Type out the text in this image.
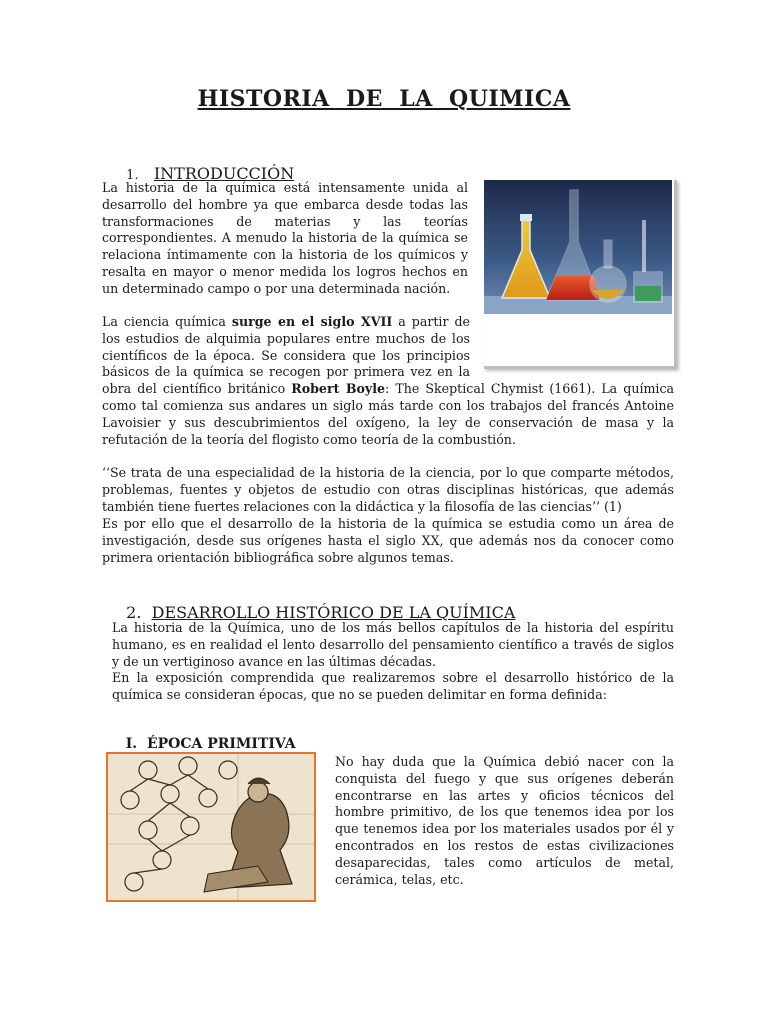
HISTORIA  DE  LA  QUIMICA

1. INTRODUCCIÓN

La historia de la química está intensamente unida al desarrollo del hombre ya que embarca desde todas las transformaciones de materias y las teorías correspondientes. A menudo la historia de la química se relaciona íntimamente con la historia de los químicos y resalta en mayor o menor medida los logros hechos en un determinado campo o por una determinada nación.
La ciencia química surge en el siglo XVII a partir de los estudios de alquimia populares entre muchos de los científicos de la época. Se considera que los principios básicos de la química se recogen por primera vez en la obra del científico británico Robert Boyle: The Skeptical Chymist (1661). La química como tal comienza sus andares un siglo más tarde con los trabajos del francés Antoine Lavoisier y sus descubrimientos del oxígeno, la ley de conservación de masa y la refutación de la teoría del flogisto como teoría de la combustión.
‘‘Se trata de una especialidad de la historia de la ciencia, por lo que comparte métodos, problemas, fuentes y objetos de estudio con otras disciplinas históricas, que además también tiene fuertes relaciones con la didáctica y la filosofía de las ciencias’’ (1)
Es por ello que el desarrollo de la historia de la química se estudia como un área de investigación, desde sus orígenes hasta el siglo XX, que además nos da conocer como primera orientación bibliográfica sobre algunos temas.

2. DESARROLLO HISTÓRICO DE LA QUÍMICA

La historia de la Química, uno de los más bellos capítulos de la historia del espíritu humano, es en realidad el lento desarrollo del pensamiento científico a través de siglos y de un vertiginoso avance en las últimas décadas.
En la exposición comprendida que realizaremos sobre el desarrollo histórico de la química se consideran épocas, que no se pueden delimitar en forma definida:

I. ÉPOCA PRIMITIVA

No hay duda que la Química debió nacer con la conquista del fuego y que sus orígenes deberán encontrarse en las artes y oficios técnicos del hombre primitivo, de los que tenemos idea por los que tenemos idea por los materiales usados por él y encontrados en los restos de estas civilizaciones desaparecidas, tales como artículos de metal, cerámica, telas, etc.
